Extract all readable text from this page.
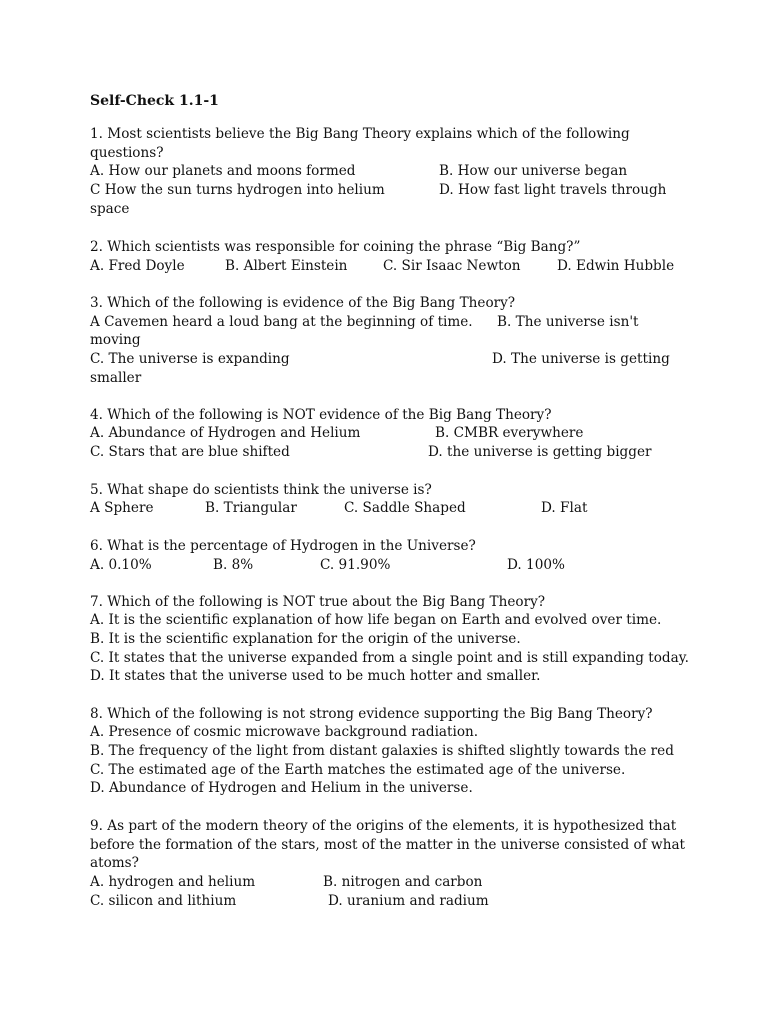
Self-Check 1.1-1
1. Most scientists believe the Big Bang Theory explains which of the following
questions?
A. How our planets and moons formed	B. How our universe began
C How the sun turns hydrogen into helium	D. How fast light travels through
space
2. Which scientists was responsible for coining the phrase “Big Bang?”
A. Fred Doyle	B. Albert Einstein	C. Sir Isaac Newton	D. Edwin Hubble
3. Which of the following is evidence of the Big Bang Theory?
A Cavemen heard a loud bang at the beginning of time. B. The universe isn't
moving
C. The universe is expanding	D. The universe is getting
smaller
4. Which of the following is NOT evidence of the Big Bang Theory?
A. Abundance of Hydrogen and Helium	B. CMBR everywhere
C. Stars that are blue shifted	D. the universe is getting bigger
5. What shape do scientists think the universe is?
A Sphere	B. Triangular	C. Saddle Shaped	D. Flat
6. What is the percentage of Hydrogen in the Universe?
A. 0.10%	B. 8%	C. 91.90%	D. 100%
7. Which of the following is NOT true about the Big Bang Theory?
A. It is the scientific explanation of how life began on Earth and evolved over time.
B. It is the scientific explanation for the origin of the universe.
C. It states that the universe expanded from a single point and is still expanding today.
D. It states that the universe used to be much hotter and smaller.
8. Which of the following is not strong evidence supporting the Big Bang Theory?
A. Presence of cosmic microwave background radiation.
B. The frequency of the light from distant galaxies is shifted slightly towards the red
C. The estimated age of the Earth matches the estimated age of the universe.
D. Abundance of Hydrogen and Helium in the universe.
9. As part of the modern theory of the origins of the elements, it is hypothesized that
before the formation of the stars, most of the matter in the universe consisted of what
atoms?
A. hydrogen and helium	B. nitrogen and carbon
C. silicon and lithium	D. uranium and radium
